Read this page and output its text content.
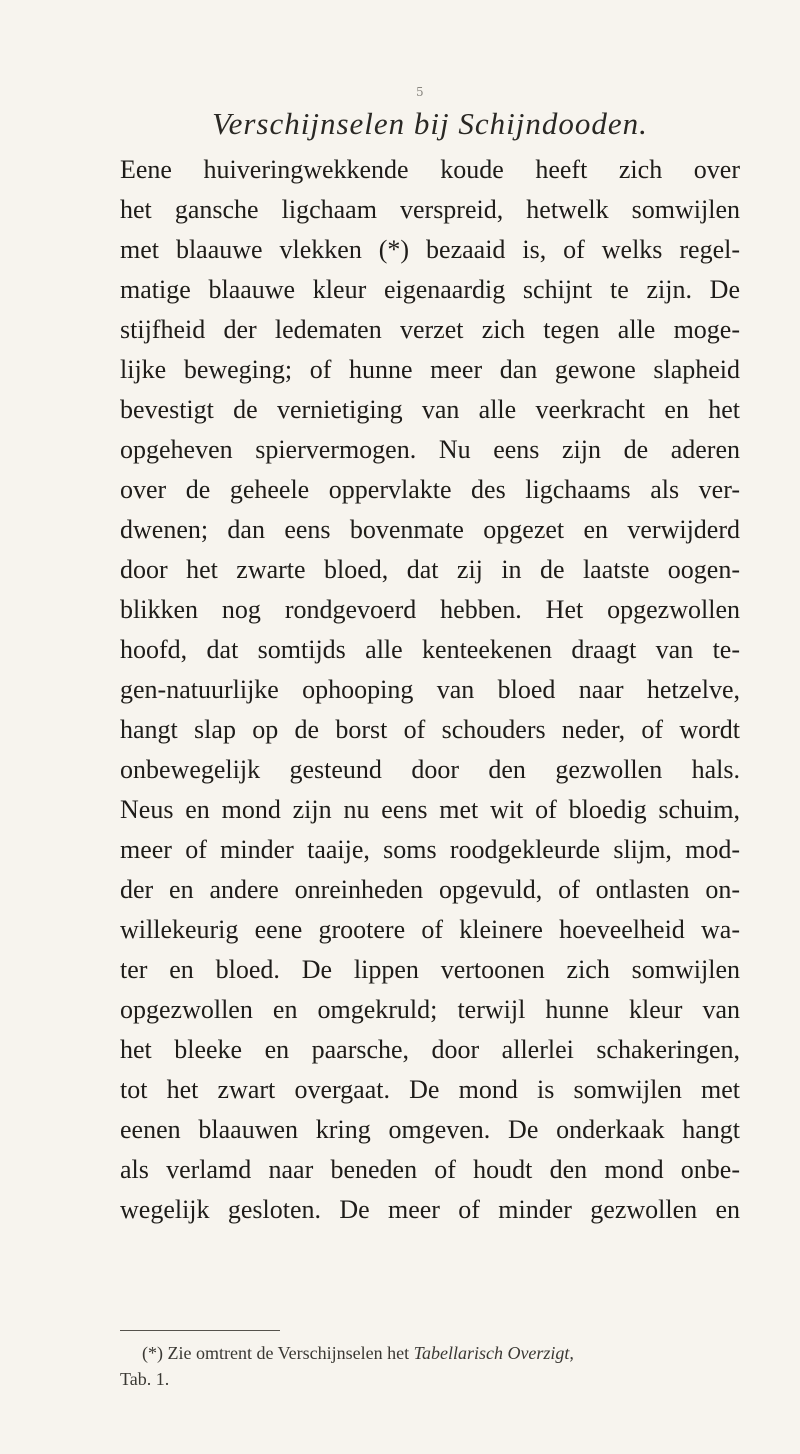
5
Verschijnselen bij Schijndooden.
Eene huiveringwekkende koude heeft zich over
het gansche ligchaam verspreid, hetwelk somwijlen
met blaauwe vlekken (*) bezaaid is, of welks regel-
matige blaauwe kleur eigenaardig schijnt te zijn. De
stijfheid der ledematen verzet zich tegen alle moge-
lijke beweging; of hunne meer dan gewone slapheid
bevestigt de vernietiging van alle veerkracht en het
opgeheven spiervermogen. Nu eens zijn de aderen
over de geheele oppervlakte des ligchaams als ver-
dwenen; dan eens bovenmate opgezet en verwijderd
door het zwarte bloed, dat zij in de laatste oogen-
blikken nog rondgevoerd hebben. Het opgezwollen
hoofd, dat somtijds alle kenteekenen draagt van te-
gen-natuurlijke ophooping van bloed naar hetzelve,
hangt slap op de borst of schouders neder, of wordt
onbewegelijk gesteund door den gezwollen hals.
Neus en mond zijn nu eens met wit of bloedig schuim,
meer of minder taaije, soms roodgekleurde slijm, mod-
der en andere onreinheden opgevuld, of ontlasten on-
willekeurig eene grootere of kleinere hoeveelheid wa-
ter en bloed. De lippen vertoonen zich somwijlen
opgezwollen en omgekruld; terwijl hunne kleur van
het bleeke en paarsche, door allerlei schakeringen,
tot het zwart overgaat. De mond is somwijlen met
eenen blaauwen kring omgeven. De onderkaak hangt
als verlamd naar beneden of houdt den mond onbe-
wegelijk gesloten. De meer of minder gezwollen en
(*) Zie omtrent de Verschijnselen het Tabellarisch Overzigt,
Tab. 1.
